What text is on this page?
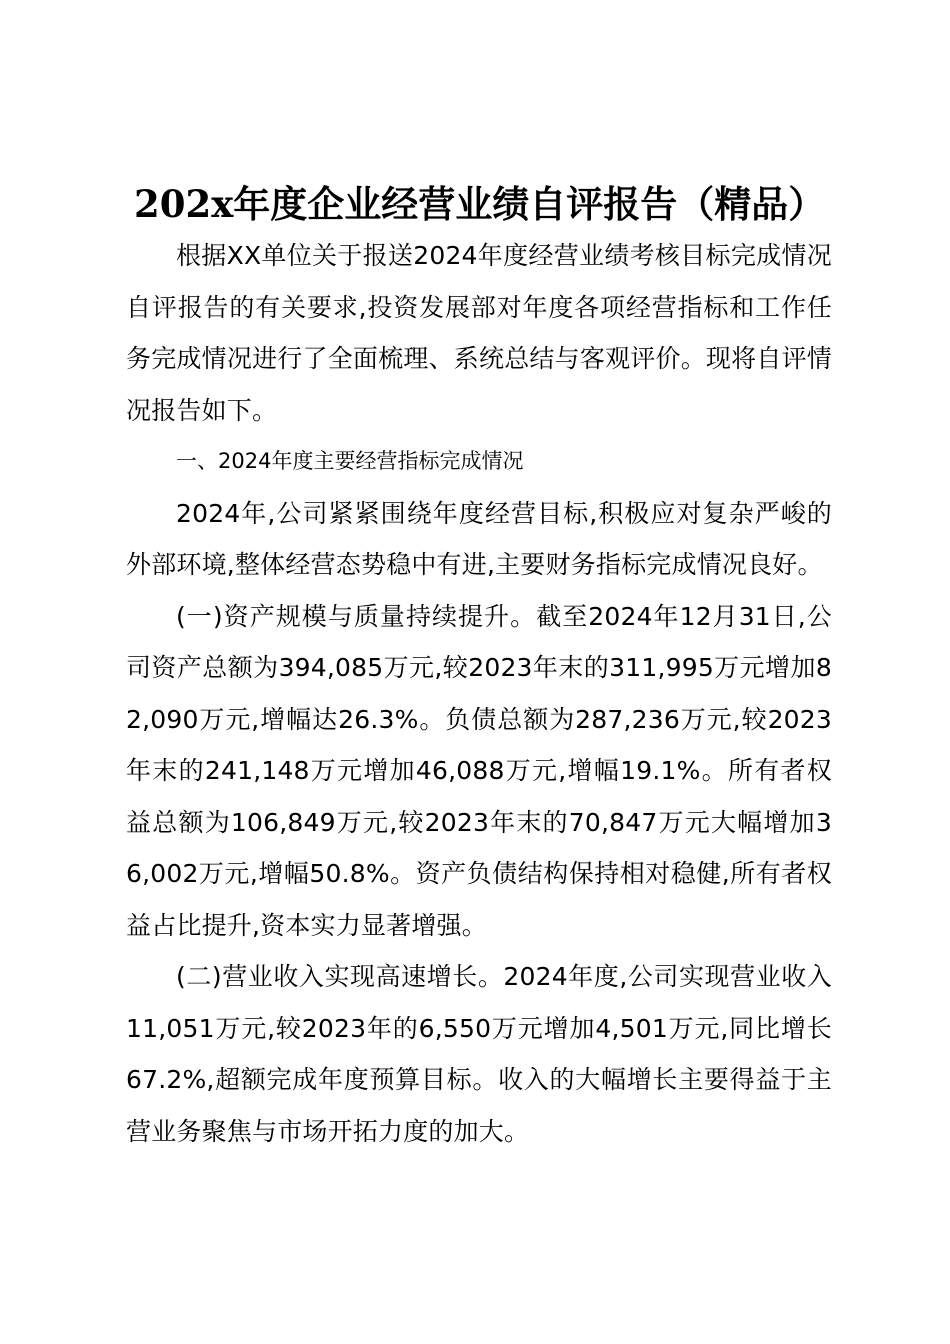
202x年度企业经营业绩自评报告（精品）

根据XX单位关于报送2024年度经营业绩考核目标完成情况自评报告的有关要求,投资发展部对年度各项经营指标和工作任务完成情况进行了全面梳理、系统总结与客观评价。现将自评情况报告如下。

一、2024年度主要经营指标完成情况

2024年,公司紧紧围绕年度经营目标,积极应对复杂严峻的外部环境,整体经营态势稳中有进,主要财务指标完成情况良好。

(一)资产规模与质量持续提升。截至2024年12月31日,公司资产总额为394,085万元,较2023年末的311,995万元增加82,090万元,增幅达26.3%。负债总额为287,236万元,较2023年末的241,148万元增加46,088万元,增幅19.1%。所有者权益总额为106,849万元,较2023年末的70,847万元大幅增加36,002万元,增幅50.8%。资产负债结构保持相对稳健,所有者权益占比提升,资本实力显著增强。

(二)营业收入实现高速增长。2024年度,公司实现营业收入11,051万元,较2023年的6,550万元增加4,501万元,同比增长67.2%,超额完成年度预算目标。收入的大幅增长主要得益于主营业务聚焦与市场开拓力度的加大。
